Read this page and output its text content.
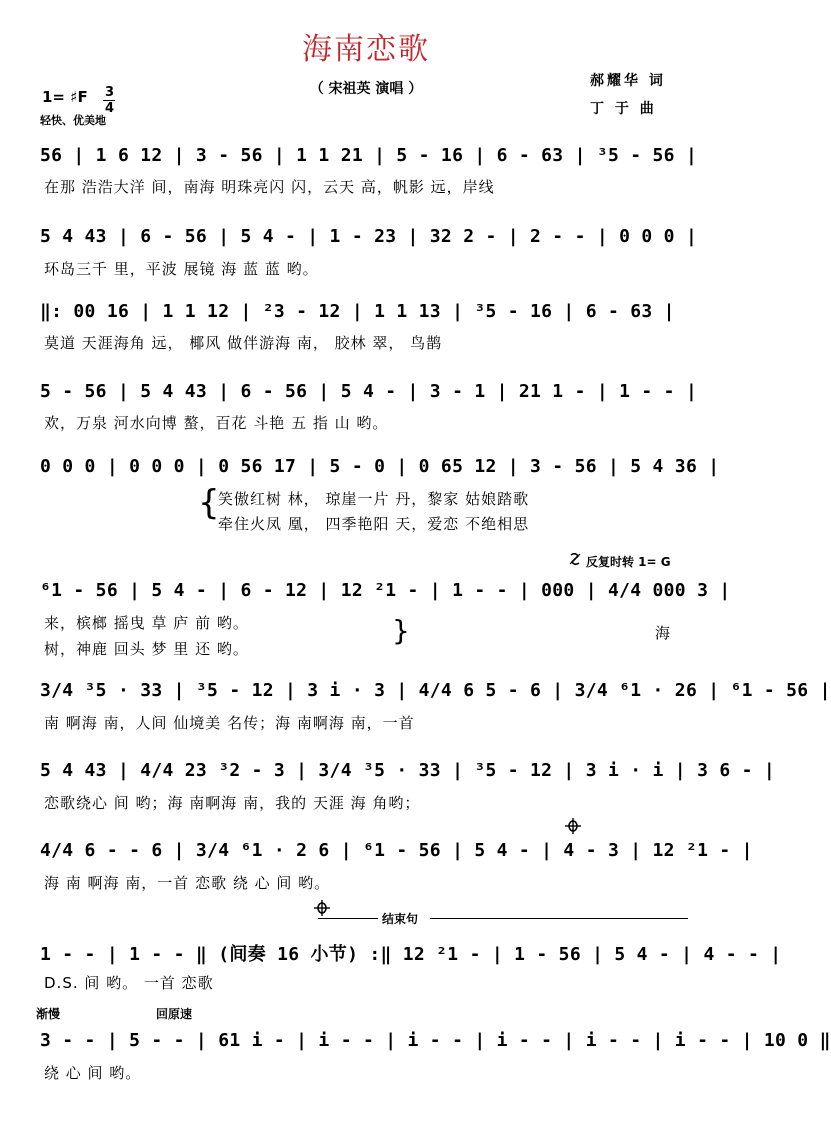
海南恋歌
（ 宋祖英 演唱 ）
1= ♯F 3
4
轻快、优美地
郝耀华 词
丁 于 曲
56 | 1 6 12 | 3 - 56 | 1 1 21 | 5 - 16 | 6 - 63 | ³5 - 56 |
在那 浩浩大洋 间，南海 明珠亮闪 闪，云天 高，帆影 远，岸线
5 4 43 | 6 - 56 | 5 4 - | 1 - 23 | 32 2 - | 2 - - | 0 0 0 |
环岛三千 里，平波 展镜 海 蓝 蓝 哟。
‖: 00 16 | 1 1 12 | ²3 - 12 | 1 1 13 | ³5 - 16 | 6 - 63 |
莫道 天涯海角 远， 椰风 做伴游海 南， 胶林 翠， 鸟鹊
5 - 56 | 5 4 43 | 6 - 56 | 5 4 - | 3 - 1 | 21 1 - | 1 - - |
欢，万泉 河水向博 螯，百花 斗艳 五 指 山 哟。
0 0 0 | 0 0 0 | 0 56 17 | 5 - 0 | 0 65 12 | 3 - 56 | 5 4 36 |
{
笑傲红树 林， 琼崖一片 丹，黎家 姑娘踏歌
牵住火凤 凰， 四季艳阳 天，爱恋 不绝相思
反复时转 1= G
⁶1 - 56 | 5 4 - | 6 - 12 | 12 ²1 - | 1 - - | 000 | 4/4 000 3 |
来，槟榔 摇曳 草 庐 前 哟。
树，神鹿 回头 梦 里 还 哟。
}	海
3/4 ³5 · 33 | ³5 - 12 | 3 i · 3 | 4/4 6 5 - 6 | 3/4 ⁶1 · 26 | ⁶1 - 56 |
南 啊海 南，人间 仙境美 名传；海 南啊海 南，一首
5 4 43 | 4/4 23 ³2 - 3 | 3/4 ³5 · 33 | ³5 - 12 | 3 i · i | 3 6 - |
恋歌绕心 间 哟；海 南啊海 南，我的 天涯 海 角哟；
4/4 6 - - 6 | 3/4 ⁶1 · 2 6 | ⁶1 - 56 | 5 4 - | 4 - 3 | 12 ²1 - |
海 南 啊海 南，一首 恋歌 绕 心 间 哟。
结束句
1 - - | 1 - - ‖ (间奏 16 小节) :‖ 12 ²1 - | 1 - 56 | 5 4 - | 4 - - |
D.S. 间 哟。 一首 恋歌
渐慢	回原速
3 - - | 5 - - | 61 i - | i - - | i - - | i - - | i - - | i - - | 10 0 ‖
绕 心 间 哟。
